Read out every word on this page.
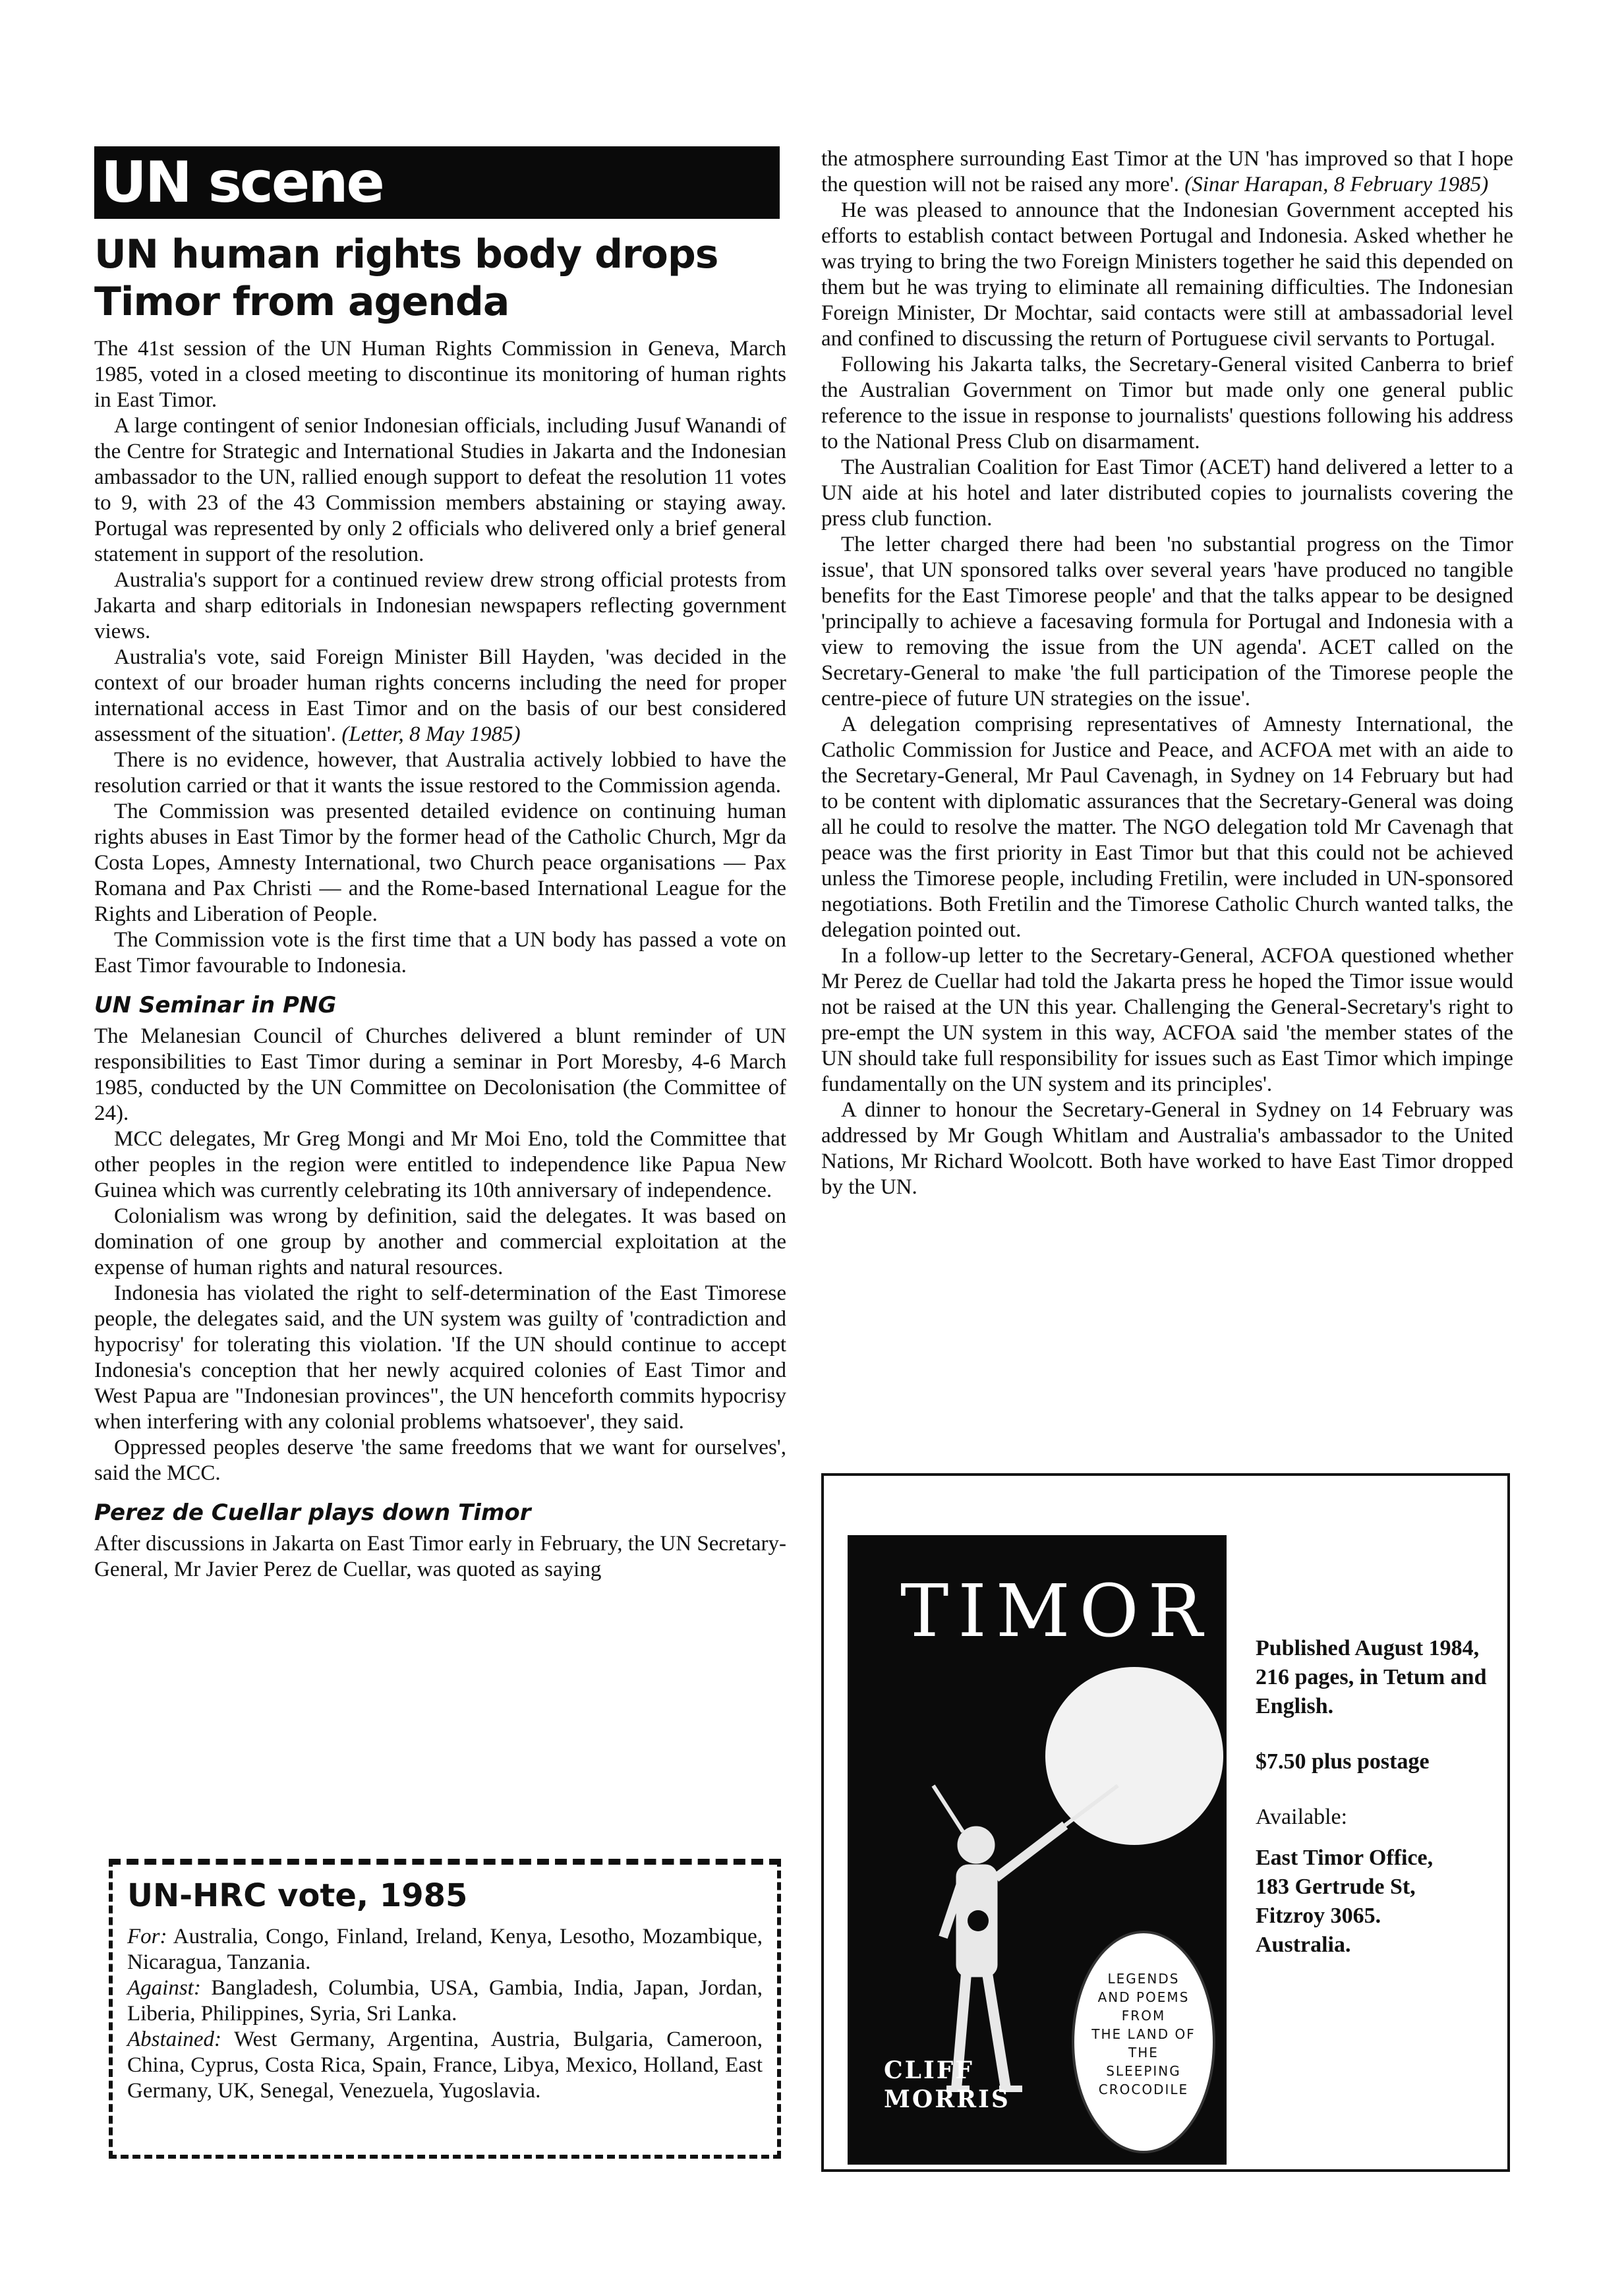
UN scene
UN human rights body drops Timor from agenda

The 41st session of the UN Human Rights Commission in Geneva, March 1985, voted in a closed meeting to discontinue its monitoring of human rights in East Timor.

A large contingent of senior Indonesian officials, including Jusuf Wanandi of the Centre for Strategic and International Studies in Jakarta and the Indonesian ambassador to the UN, rallied enough support to defeat the resolution 11 votes to 9, with 23 of the 43 Commission members abstaining or staying away. Portugal was represented by only 2 officials who delivered only a brief general statement in support of the resolution.

Australia's support for a continued review drew strong official protests from Jakarta and sharp editorials in Indonesian newspapers reflecting government views.

Australia's vote, said Foreign Minister Bill Hayden, 'was decided in the context of our broader human rights concerns including the need for proper international access in East Timor and on the basis of our best considered assessment of the situation'. (Letter, 8 May 1985)

There is no evidence, however, that Australia actively lobbied to have the resolution carried or that it wants the issue restored to the Commission agenda.

The Commission was presented detailed evidence on continuing human rights abuses in East Timor by the former head of the Catholic Church, Mgr da Costa Lopes, Amnesty International, two Church peace organisations — Pax Romana and Pax Christi — and the Rome-based International League for the Rights and Liberation of People.

The Commission vote is the first time that a UN body has passed a vote on East Timor favourable to Indonesia.

UN Seminar in PNG

The Melanesian Council of Churches delivered a blunt reminder of UN responsibilities to East Timor during a seminar in Port Moresby, 4-6 March 1985, conducted by the UN Committee on Decolonisation (the Committee of 24).

MCC delegates, Mr Greg Mongi and Mr Moi Eno, told the Committee that other peoples in the region were entitled to independence like Papua New Guinea which was currently celebrating its 10th anniversary of independence.

Colonialism was wrong by definition, said the delegates. It was based on domination of one group by another and commercial exploitation at the expense of human rights and natural resources.

Indonesia has violated the right to self-determination of the East Timorese people, the delegates said, and the UN system was guilty of 'contradiction and hypocrisy' for tolerating this violation. 'If the UN should continue to accept Indonesia's conception that her newly acquired colonies of East Timor and West Papua are "Indonesian provinces", the UN henceforth commits hypocrisy when interfering with any colonial problems whatsoever', they said.

Oppressed peoples deserve 'the same freedoms that we want for ourselves', said the MCC.

Perez de Cuellar plays down Timor

After discussions in Jakarta on East Timor early in February, the UN Secretary-General, Mr Javier Perez de Cuellar, was quoted as saying

the atmosphere surrounding East Timor at the UN 'has improved so that I hope the question will not be raised any more'. (Sinar Harapan, 8 February 1985)

He was pleased to announce that the Indonesian Government accepted his efforts to establish contact between Portugal and Indonesia. Asked whether he was trying to bring the two Foreign Ministers together he said this depended on them but he was trying to eliminate all remaining difficulties. The Indonesian Foreign Minister, Dr Mochtar, said contacts were still at ambassadorial level and confined to discussing the return of Portuguese civil servants to Portugal.

Following his Jakarta talks, the Secretary-General visited Canberra to brief the Australian Government on Timor but made only one general public reference to the issue in response to journalists' questions following his address to the National Press Club on disarmament.

The Australian Coalition for East Timor (ACET) hand delivered a letter to a UN aide at his hotel and later distributed copies to journalists covering the press club function.

The letter charged there had been 'no substantial progress on the Timor issue', that UN sponsored talks over several years 'have produced no tangible benefits for the East Timorese people' and that the talks appear to be designed 'principally to achieve a facesaving formula for Portugal and Indonesia with a view to removing the issue from the UN agenda'. ACET called on the Secretary-General to make 'the full participation of the Timorese people the centre-piece of future UN strategies on the issue'.

A delegation comprising representatives of Amnesty International, the Catholic Commission for Justice and Peace, and ACFOA met with an aide to the Secretary-General, Mr Paul Cavenagh, in Sydney on 14 February but had to be content with diplomatic assurances that the Secretary-General was doing all he could to resolve the matter. The NGO delegation told Mr Cavenagh that peace was the first priority in East Timor but that this could not be achieved unless the Timorese people, including Fretilin, were included in UN-sponsored negotiations. Both Fretilin and the Timorese Catholic Church wanted talks, the delegation pointed out.

In a follow-up letter to the Secretary-General, ACFOA questioned whether Mr Perez de Cuellar had told the Jakarta press he hoped the Timor issue would not be raised at the UN this year. Challenging the General-Secretary's right to pre-empt the UN system in this way, ACFOA said 'the member states of the UN should take full responsibility for issues such as East Timor which impinge fundamentally on the UN system and its principles'.

A dinner to honour the Secretary-General in Sydney on 14 February was addressed by Mr Gough Whitlam and Australia's ambassador to the United Nations, Mr Richard Woolcott. Both have worked to have East Timor dropped by the UN.

UN-HRC vote, 1985

For: Australia, Congo, Finland, Ireland, Kenya, Lesotho, Mozambique, Nicaragua, Tanzania.

Against: Bangladesh, Columbia, USA, Gambia, India, Japan, Jordan, Liberia, Philippines, Syria, Sri Lanka.

Abstained: West Germany, Argentina, Austria, Bulgaria, Cameroon, China, Cyprus, Costa Rica, Spain, France, Libya, Mexico, Holland, East Germany, UK, Senegal, Venezuela, Yugoslavia.

TIMOR
LEGENDS
AND POEMS
FROM
THE LAND OF
THE
SLEEPING
CROCODILE
CLIFF
MORRIS

Published August 1984, 216 pages, in Tetum and English.

$7.50 plus postage

Available:

East Timor Office,
183 Gertrude St,
Fitzroy 3065.
Australia.
